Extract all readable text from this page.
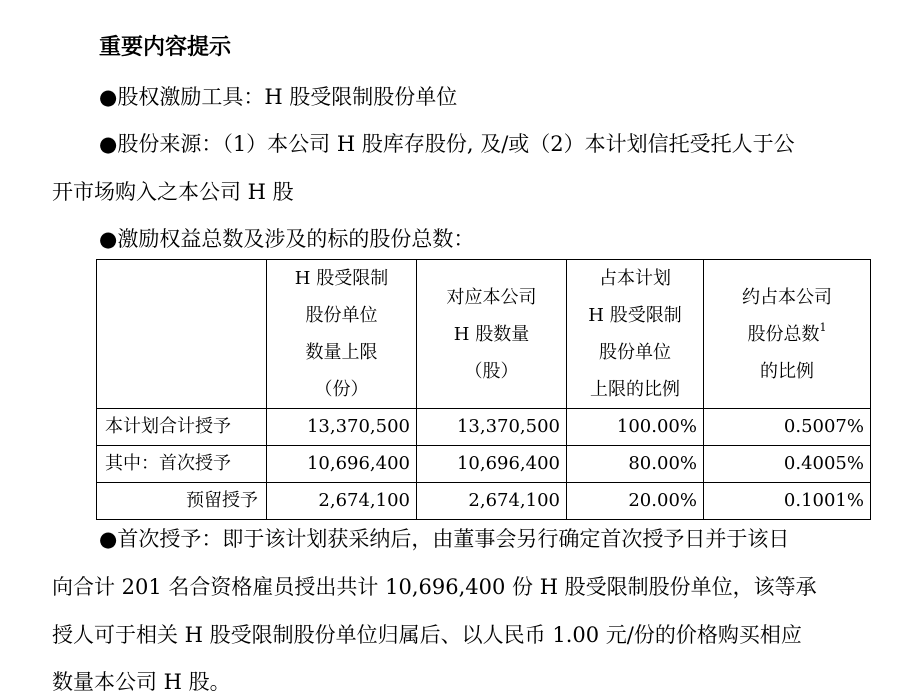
重要内容提示
●股权激励工具：H 股受限制股份单位
●股份来源：（1）本公司 H 股库存股份, 及/或（2）本计划信托受托人于公
开市场购入之本公司 H 股
●激励权益总数及涉及的标的股份总数：

	H 股受限制
股份单位
数量上限
（份）	对应本公司
H 股数量
（股）	占本计划
H 股受限制
股份单位
上限的比例	约占本公司
股份总数$^1$
的比例

本计划合计授予	13,370,500	13,370,500	100.00%	0.5007%
其中：首次授予	10,696,400	10,696,400	80.00%	0.4005%
预留授予	2,674,100	2,674,100	20.00%	0.1001%
●首次授予：即于该计划获采纳后，由董事会另行确定首次授予日并于该日
向合计 201 名合资格雇员授出共计 10,696,400 份 H 股受限制股份单位，该等承
授人可于相关 H 股受限制股份单位归属后、以人民币 1.00 元/份的价格购买相应
数量本公司 H 股。
